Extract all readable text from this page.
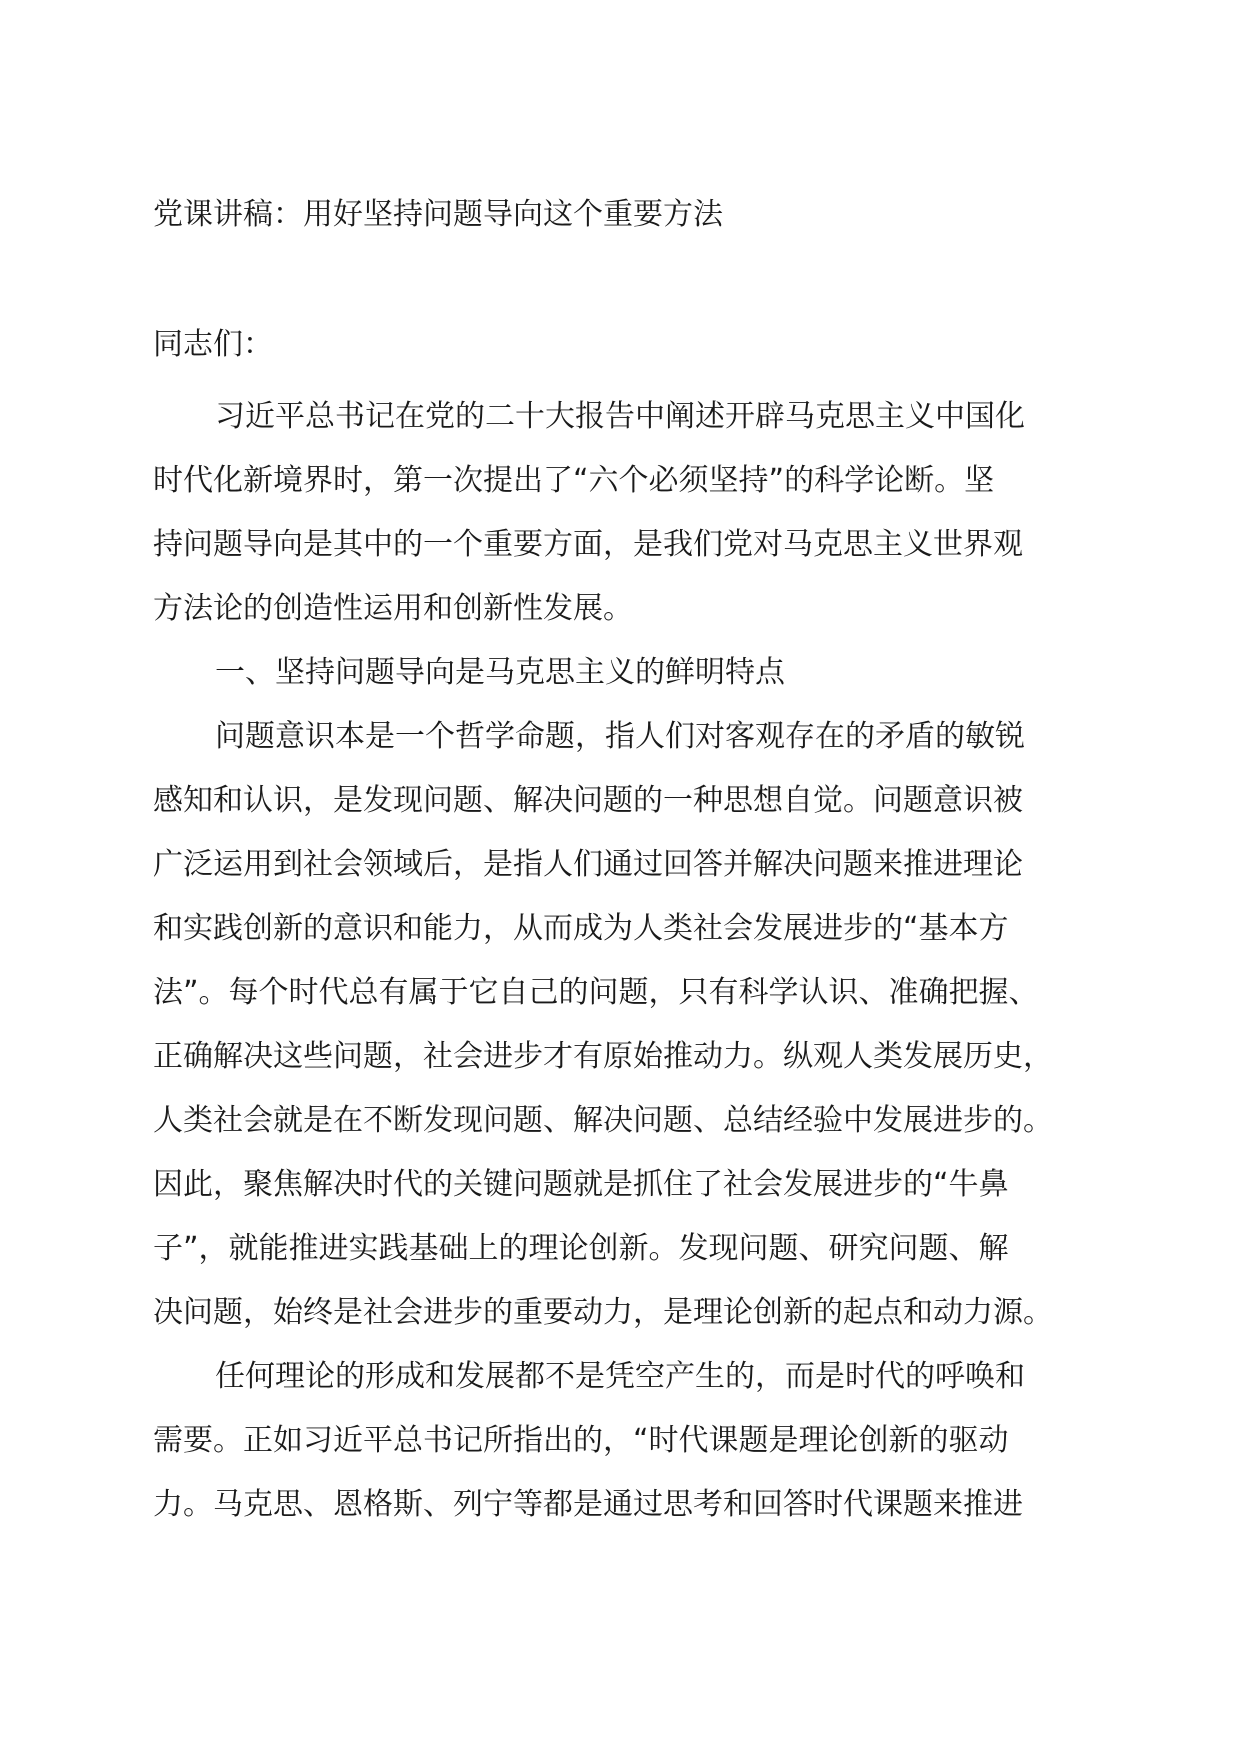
党课讲稿：用好坚持问题导向这个重要方法
同志们：
习近平总书记在党的二十大报告中阐述开辟马克思主义中国化
时代化新境界时，第一次提出了“六个必须坚持”的科学论断。坚
持问题导向是其中的一个重要方面，是我们党对马克思主义世界观
方法论的创造性运用和创新性发展。
一、坚持问题导向是马克思主义的鲜明特点
问题意识本是一个哲学命题，指人们对客观存在的矛盾的敏锐
感知和认识，是发现问题、解决问题的一种思想自觉。问题意识被
广泛运用到社会领域后，是指人们通过回答并解决问题来推进理论
和实践创新的意识和能力，从而成为人类社会发展进步的“基本方
法”。每个时代总有属于它自己的问题，只有科学认识、准确把握、
正确解决这些问题，社会进步才有原始推动力。纵观人类发展历史，
人类社会就是在不断发现问题、解决问题、总结经验中发展进步的。
因此，聚焦解决时代的关键问题就是抓住了社会发展进步的“牛鼻
子”，就能推进实践基础上的理论创新。发现问题、研究问题、解
决问题，始终是社会进步的重要动力，是理论创新的起点和动力源。
任何理论的形成和发展都不是凭空产生的，而是时代的呼唤和
需要。正如习近平总书记所指出的，“时代课题是理论创新的驱动
力。马克思、恩格斯、列宁等都是通过思考和回答时代课题来推进
